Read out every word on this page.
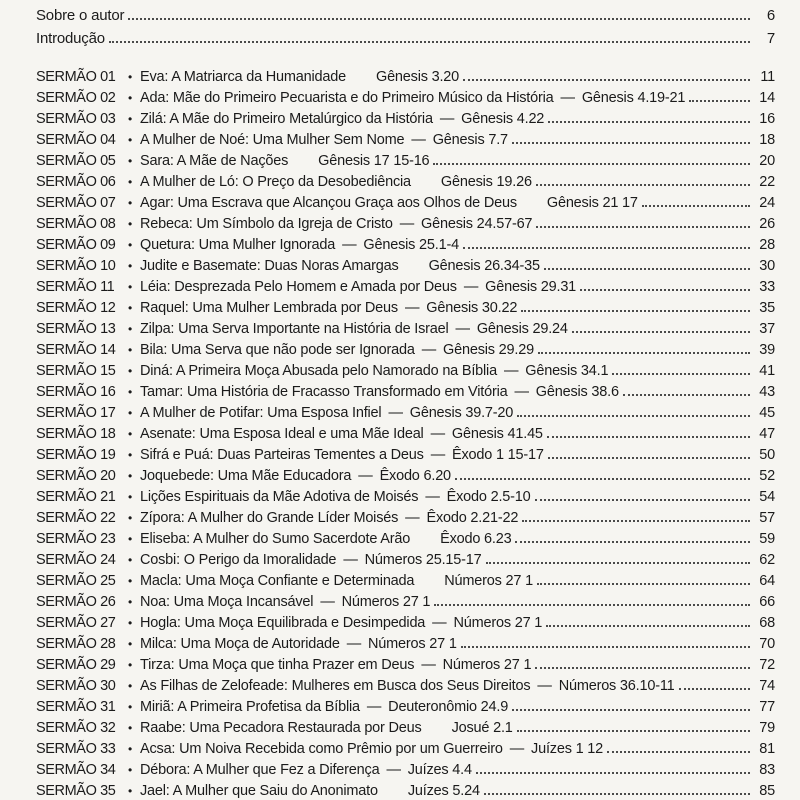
Sobre o autor	6
Introdução	7
SERMÃO 01	• Eva: A Matriarca da Humanidade Gênesis 3.20	11
SERMÃO 02	• Ada: Mãe do Primeiro Pecuarista e do Primeiro Músico da História — Gênesis 4.19-21	14
SERMÃO 03	• Zilá: A Mãe do Primeiro Metalúrgico da História — Gênesis 4.22	16
SERMÃO 04	• A Mulher de Noé: Uma Mulher Sem Nome — Gênesis 7.7	18
SERMÃO 05	• Sara: A Mãe de Nações Gênesis 17 15-16	20
SERMÃO 06	• A Mulher de Ló: O Preço da Desobediência Gênesis 19.26	22
SERMÃO 07	• Agar: Uma Escrava que Alcançou Graça aos Olhos de Deus Gênesis 21 17	24
SERMÃO 08	• Rebeca: Um Símbolo da Igreja de Cristo — Gênesis 24.57-67	26
SERMÃO 09	• Quetura: Uma Mulher Ignorada — Gênesis 25.1-4	28
SERMÃO 10	• Judite e Basemate: Duas Noras Amargas Gênesis 26.34-35	30
SERMÃO 11	• Léia: Desprezada Pelo Homem e Amada por Deus — Gênesis 29.31	33
SERMÃO 12	• Raquel: Uma Mulher Lembrada por Deus — Gênesis 30.22	35
SERMÃO 13	• Zilpa: Uma Serva Importante na História de Israel — Gênesis 29.24	37
SERMÃO 14	• Bila: Uma Serva que não pode ser Ignorada — Gênesis 29.29	39
SERMÃO 15	• Diná: A Primeira Moça Abusada pelo Namorado na Bíblia — Gênesis 34.1	41
SERMÃO 16	• Tamar: Uma História de Fracasso Transformado em Vitória — Gênesis 38.6	43
SERMÃO 17	• A Mulher de Potifar: Uma Esposa Infiel — Gênesis 39.7-20	45
SERMÃO 18	• Asenate: Uma Esposa Ideal e uma Mãe Ideal — Gênesis 41.45	47
SERMÃO 19	• Sifrá e Puá: Duas Parteiras Tementes a Deus — Êxodo 1 15-17	50
SERMÃO 20	• Joquebede: Uma Mãe Educadora — Êxodo 6.20	52
SERMÃO 21	• Lições Espirituais da Mãe Adotiva de Moisés — Êxodo 2.5-10	54
SERMÃO 22	• Zípora: A Mulher do Grande Líder Moisés — Êxodo 2.21-22	57
SERMÃO 23	• Eliseba: A Mulher do Sumo Sacerdote Arão Êxodo 6.23	59
SERMÃO 24	• Cosbi: O Perigo da Imoralidade — Números 25.15-17	62
SERMÃO 25	• Macla: Uma Moça Confiante e Determinada Números 27 1	64
SERMÃO 26	• Noa: Uma Moça Incansável — Números 27 1	66
SERMÃO 27	• Hogla: Uma Moça Equilibrada e Desimpedida — Números 27 1	68
SERMÃO 28	• Milca: Uma Moça de Autoridade — Números 27 1	70
SERMÃO 29	• Tirza: Uma Moça que tinha Prazer em Deus — Números 27 1	72
SERMÃO 30	• As Filhas de Zelofeade: Mulheres em Busca dos Seus Direitos — Números 36.10-11	74
SERMÃO 31	• Miriã: A Primeira Profetisa da Bíblia — Deuteronômio 24.9	77
SERMÃO 32	• Raabe: Uma Pecadora Restaurada por Deus Josué 2.1	79
SERMÃO 33	• Acsa: Um Noiva Recebida como Prêmio por um Guerreiro — Juízes 1 12	81
SERMÃO 34	• Débora: A Mulher que Fez a Diferença — Juízes 4.4	83
SERMÃO 35	• Jael: A Mulher que Saiu do Anonimato Juízes 5.24	85
